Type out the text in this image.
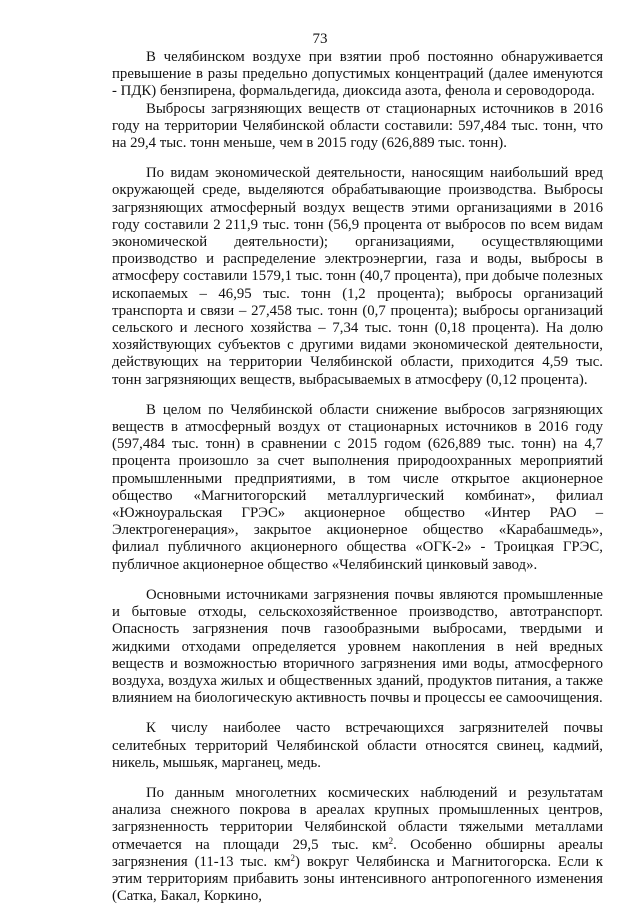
73

В челябинском воздухе при взятии проб постоянно обнаруживается превышение в разы предельно допустимых концентраций (далее именуются - ПДК) бензпирена, формальдегида, диоксида азота, фенола и сероводорода.

Выбросы загрязняющих веществ от стационарных источников в 2016 году на территории Челябинской области составили: 597,484 тыс. тонн, что на 29,4 тыс. тонн меньше, чем в 2015 году (626,889 тыс. тонн).

По видам экономической деятельности, наносящим наибольший вред окружающей среде, выделяются обрабатывающие производства. Выбросы загрязняющих атмосферный воздух веществ этими организациями в 2016 году составили 2 211,9 тыс. тонн (56,9 процента от выбросов по всем видам экономической деятельности); организациями, осуществляющими производство и распределение электроэнергии, газа и воды, выбросы в атмосферу составили 1579,1 тыс. тонн (40,7 процента), при добыче полезных ископаемых – 46,95 тыс. тонн (1,2 процента); выбросы организаций транспорта и связи – 27,458 тыс. тонн (0,7 процента); выбросы организаций сельского и лесного хозяйства – 7,34 тыс. тонн (0,18 процента). На долю хозяйствующих субъектов с другими видами экономической деятельности, действующих на территории Челябинской области, приходится 4,59 тыс. тонн загрязняющих веществ, выбрасываемых в атмосферу (0,12 процента).

В целом по Челябинской области снижение выбросов загрязняющих веществ в атмосферный воздух от стационарных источников в 2016 году (597,484 тыс. тонн) в сравнении с 2015 годом (626,889 тыс. тонн) на 4,7 процента произошло за счет выполнения природоохранных мероприятий промышленными предприятиями, в том числе открытое акционерное общество «Магнитогорский металлургический комбинат», филиал «Южноуральская ГРЭС» акционерное общество «Интер РАО – Электрогенерация», закрытое акционерное общество «Карабашмедь», филиал публичного акционерного общества «ОГК-2» - Троицкая ГРЭС, публичное акционерное общество «Челябинский цинковый завод».

Основными источниками загрязнения почвы являются промышленные и бытовые отходы, сельскохозяйственное производство, автотранспорт. Опасность загрязнения почв газообразными выбросами, твердыми и жидкими отходами определяется уровнем накопления в ней вредных веществ и возможностью вторичного загрязнения ими воды, атмосферного воздуха, воздуха жилых и общественных зданий, продуктов питания, а также влиянием на биологическую активность почвы и процессы ее самоочищения.

К числу наиболее часто встречающихся загрязнителей почвы селитебных территорий Челябинской области относятся свинец, кадмий, никель, мышьяк, марганец, медь.

По данным многолетних космических наблюдений и результатам анализа снежного покрова в ареалах крупных промышленных центров, загрязненность территории Челябинской области тяжелыми металлами отмечается на площади 29,5 тыс. $км^2$. Особенно обширны ареалы загрязнения (11-13 тыс. $км^2$) вокруг Челябинска и Магнитогорска. Если к этим территориям прибавить зоны интенсивного антропогенного изменения (Сатка, Бакал, Коркино,
